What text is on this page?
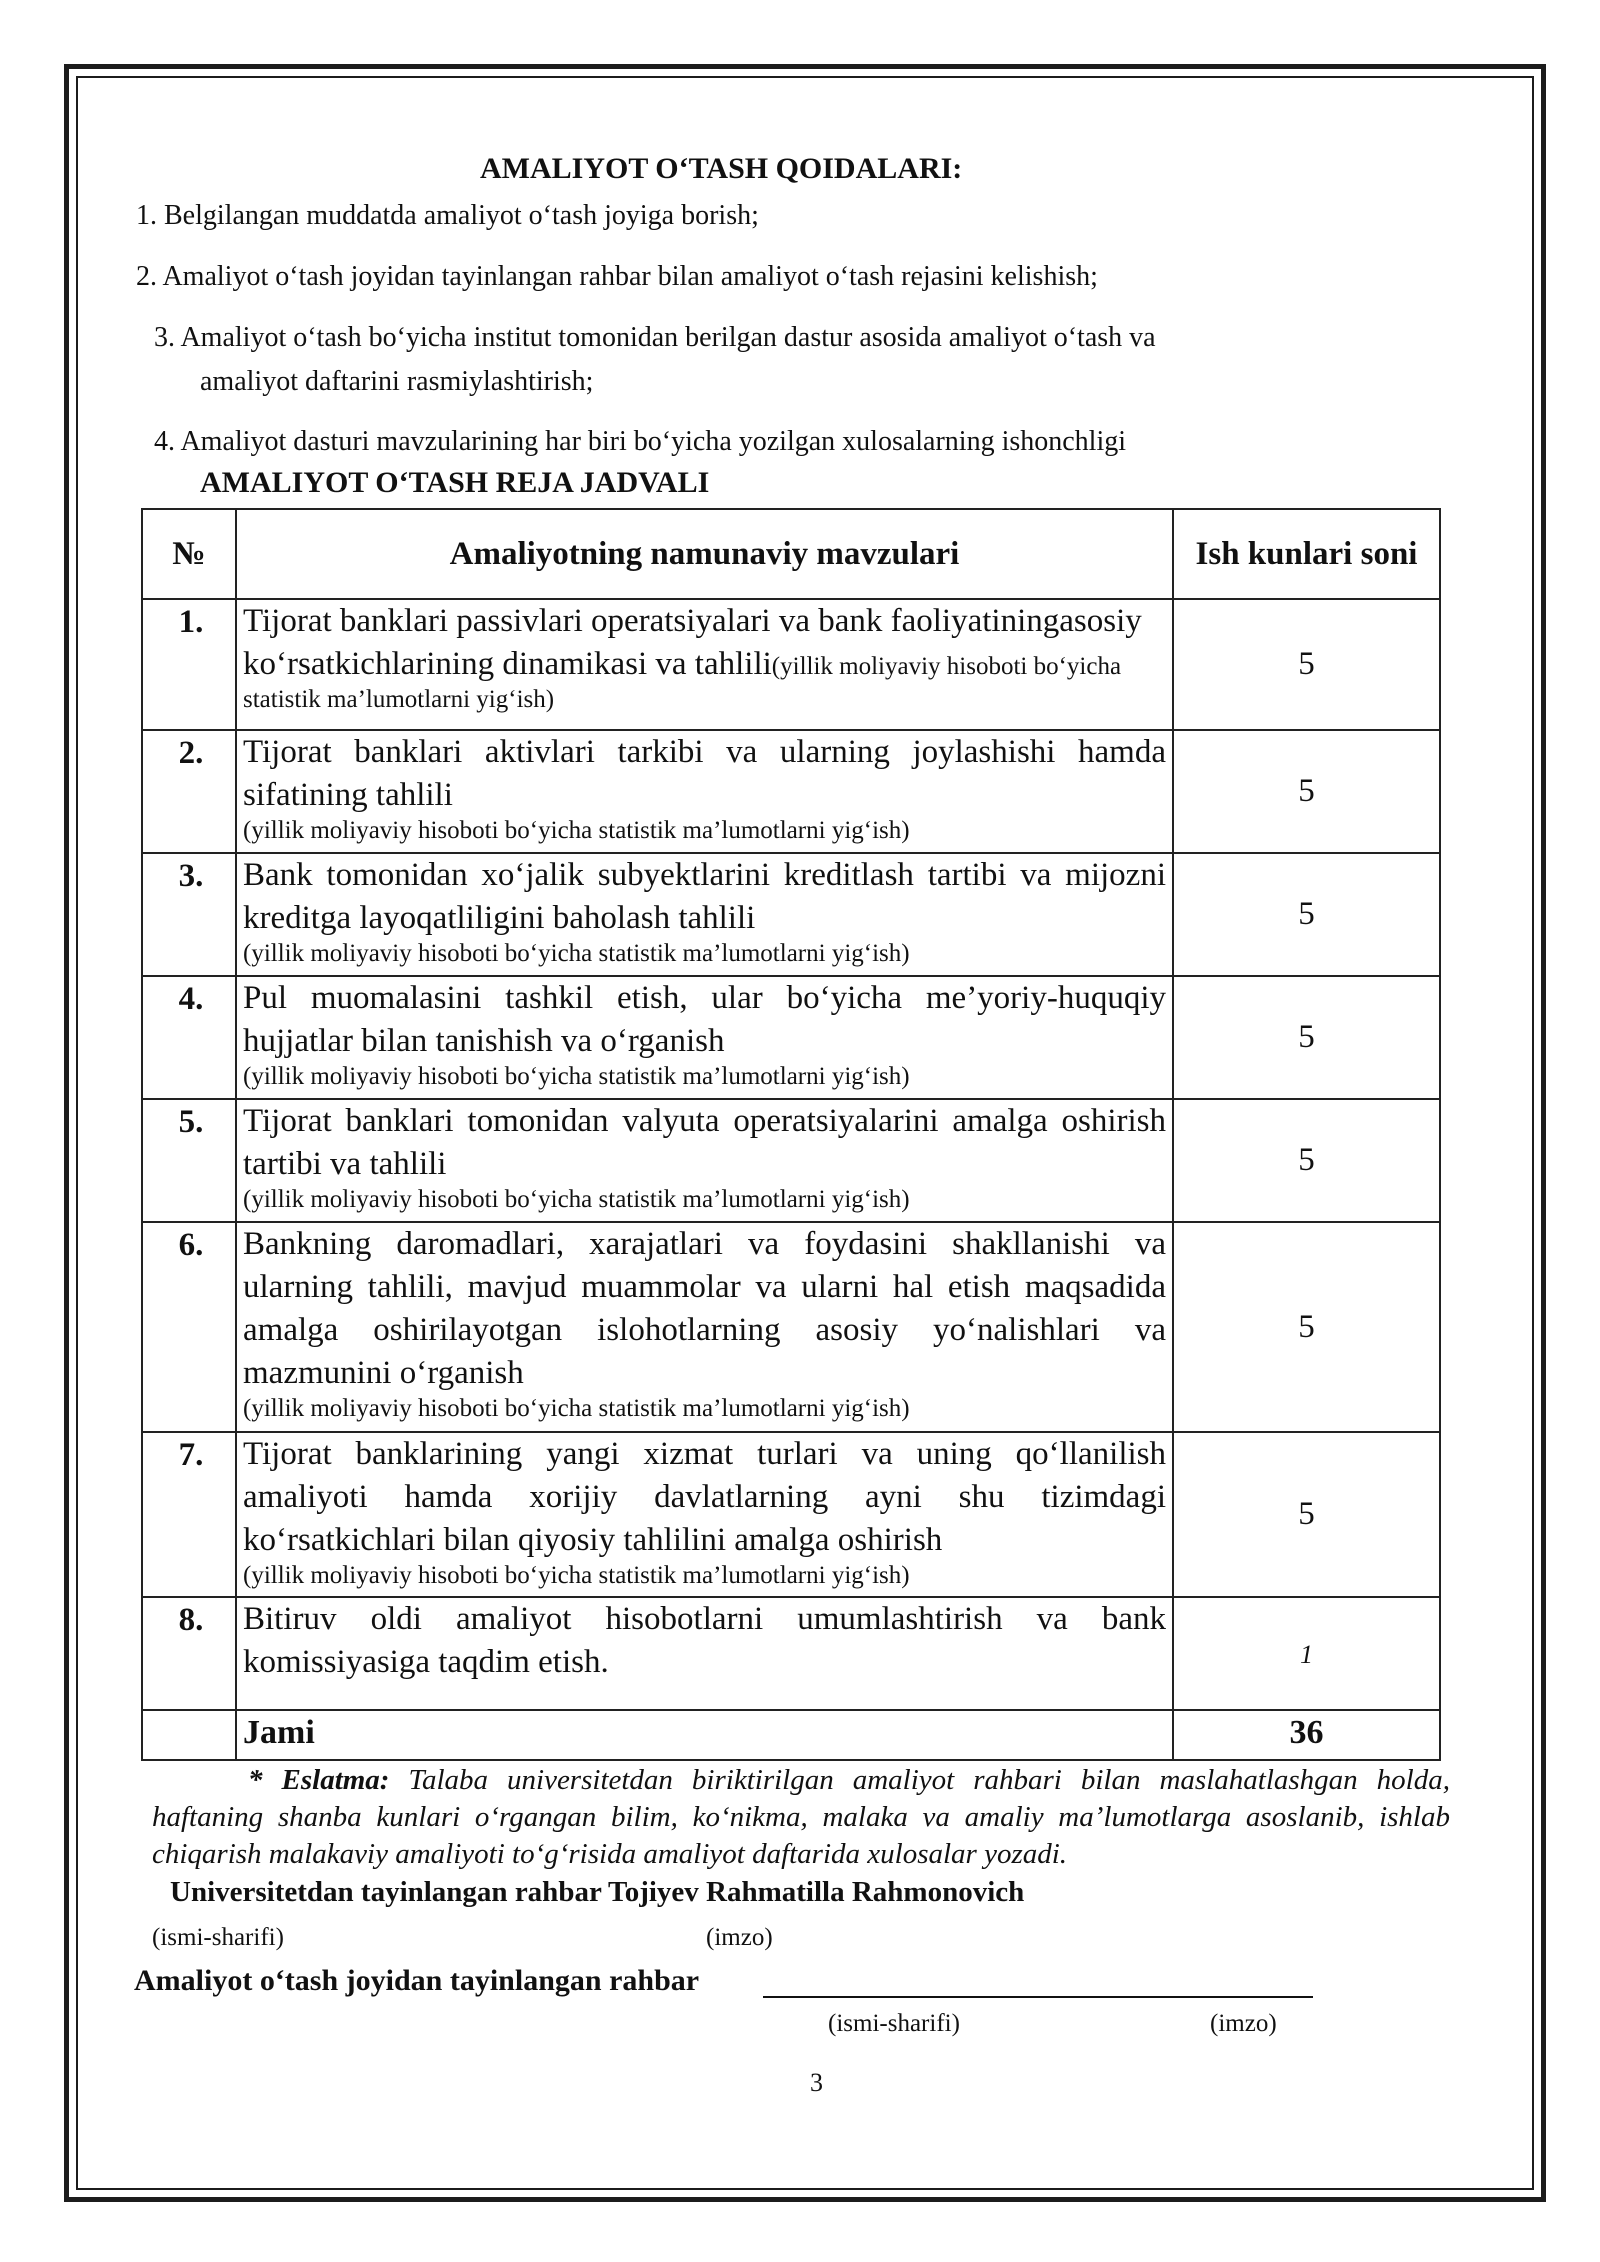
AMALIYOT O‘TASH QOIDALARI:
1. Belgilangan muddatda amaliyot o‘tash joyiga borish;
2. Amaliyot o‘tash joyidan tayinlangan rahbar bilan amaliyot o‘tash rejasini kelishish;
3. Amaliyot o‘tash bo‘yicha institut tomonidan berilgan dastur asosida amaliyot o‘tash va
amaliyot daftarini rasmiylashtirish;
4. Amaliyot dasturi mavzularining har biri bo‘yicha yozilgan xulosalarning ishonchligi
AMALIYOT O‘TASH REJA JADVALI
№	Amaliyotning namunaviy mavzulari	Ish kunlari soni
1.	Tijorat banklari passivlari operatsiyalari va bank faoliyatiningasosiy ko‘rsatkichlarining dinamikasi va tahlili(yillik moliyaviy hisoboti bo‘yicha statistik ma’lumotlarni yig‘ish)	5
2.	Tijorat banklari aktivlari tarkibi va ularning joylashishi hamda sifatining tahlili
(yillik moliyaviy hisoboti bo‘yicha statistik ma’lumotlarni yig‘ish)	5
3.	Bank tomonidan xo‘jalik subyektlarini kreditlash tartibi va mijozni kreditga layoqatliligini baholash tahlili
(yillik moliyaviy hisoboti bo‘yicha statistik ma’lumotlarni yig‘ish)	5
4.	Pul muomalasini tashkil etish, ular bo‘yicha me’yoriy-huquqiy hujjatlar bilan tanishish va o‘rganish
(yillik moliyaviy hisoboti bo‘yicha statistik ma’lumotlarni yig‘ish)	5
5.	Tijorat banklari tomonidan valyuta operatsiyalarini amalga oshirish tartibi va tahlili
(yillik moliyaviy hisoboti bo‘yicha statistik ma’lumotlarni yig‘ish)	5
6.	Bankning daromadlari, xarajatlari va foydasini shakllanishi va ularning tahlili, mavjud muammolar va ularni hal etish maqsadida amalga oshirilayotgan islohotlarning asosiy yo‘nalishlari va mazmunini o‘rganish
(yillik moliyaviy hisoboti bo‘yicha statistik ma’lumotlarni yig‘ish)	5
7.	Tijorat banklarining yangi xizmat turlari va uning qo‘llanilish amaliyoti hamda xorijiy davlatlarning ayni shu tizimdagi ko‘rsatkichlari bilan qiyosiy tahlilini amalga oshirish
(yillik moliyaviy hisoboti bo‘yicha statistik ma’lumotlarni yig‘ish)	5
8.	Bitiruv oldi amaliyot hisobotlarni umumlashtirish va bank komissiyasiga taqdim etish.	1
	Jami	36
* Eslatma: Talaba universitetdan biriktirilgan amaliyot rahbari bilan maslahatlashgan holda, haftaning shanba kunlari o‘rgangan bilim, ko‘nikma, malaka va amaliy ma’lumotlarga asoslanib, ishlab chiqarish malakaviy amaliyoti to‘g‘risida amaliyot daftarida xulosalar yozadi.
Universitetdan tayinlangan rahbar Tojiyev Rahmatilla Rahmonovich
(ismi-sharifi)	(imzo)
Amaliyot o‘tash joyidan tayinlangan rahbar
(ismi-sharifi)	(imzo)
3
